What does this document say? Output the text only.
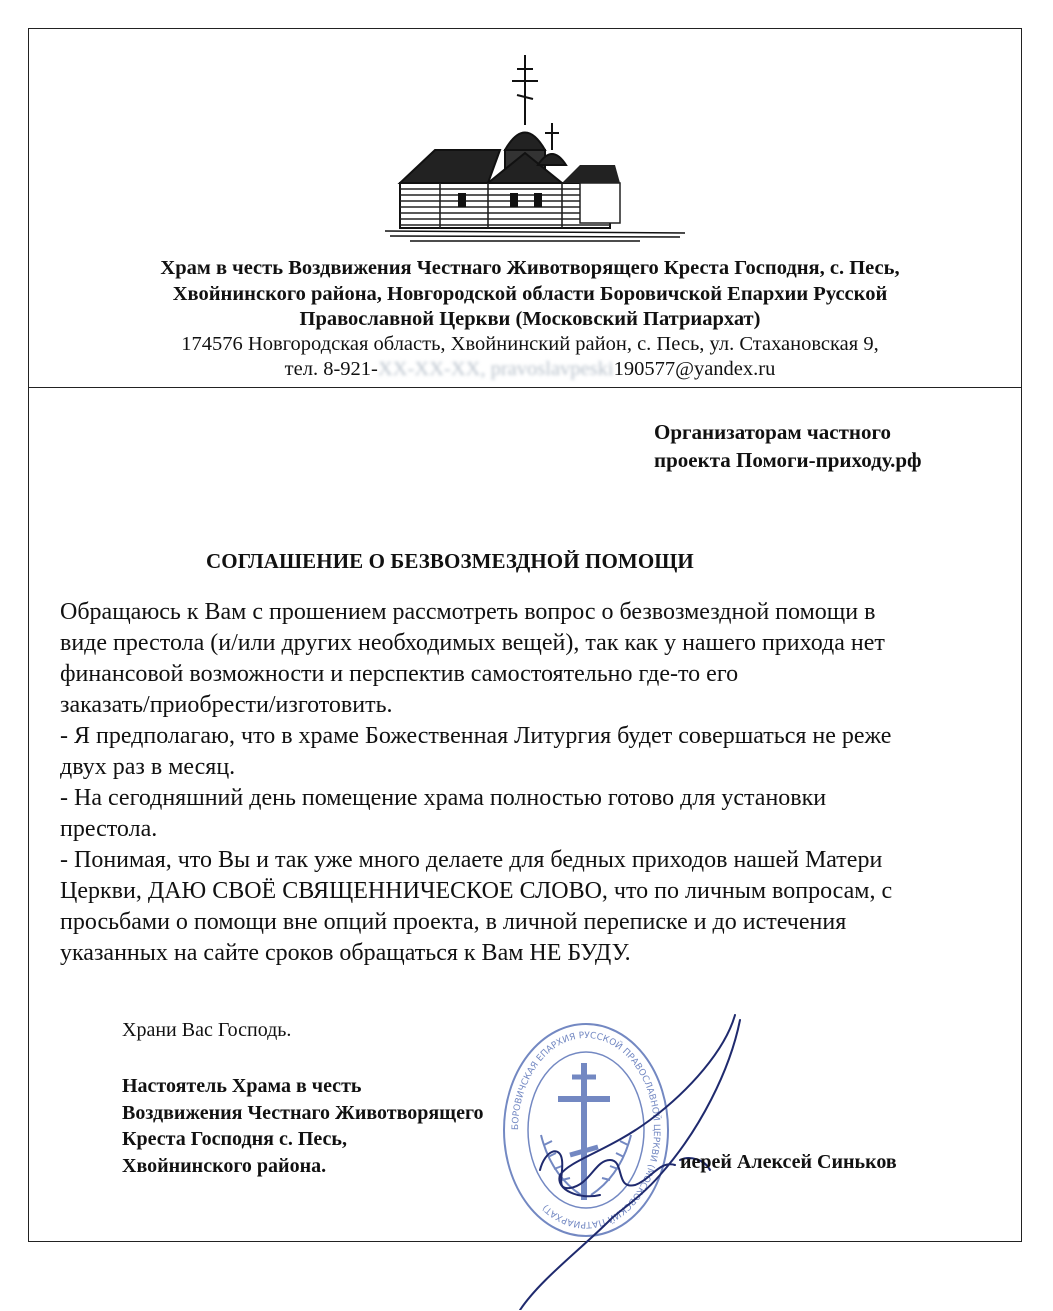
Храм в честь Воздвижения Честнаго Животворящего Креста Господня, с. Песь,
Хвойнинского района, Новгородской области Боровичской Епархии Русской
Православной Церкви (Московский Патриархат)
174576 Новгородская область, Хвойнинский район, с. Песь, ул. Стахановская 9,
тел. 8-921-XX-XX-XX, pravoslavpeski190577@yandex.ru
Организаторам частного
проекта Помоги-приходу.рф
СОГЛАШЕНИЕ О БЕЗВОЗМЕЗДНОЙ ПОМОЩИ

Обращаюсь к Вам с прошением рассмотреть вопрос о безвозмездной помощи в

виде престола (и/или других необходимых вещей), так как у нашего прихода нет

финансовой возможности и перспектив самостоятельно где-то его

заказать/приобрести/изготовить.

- Я предполагаю, что в храме Божественная Литургия будет совершаться не реже

двух раз в месяц.

- На сегодняшний день помещение храма полностью готово для установки

престола.

- Понимая, что Вы и так уже много делаете для бедных приходов нашей Матери

Церкви, ДАЮ СВОЁ СВЯЩЕННИЧЕСКОЕ СЛОВО, что по личным вопросам, с

просьбами о помощи вне опций проекта, в личной переписке и до истечения

указанных на сайте сроков обращаться к Вам НЕ БУДУ.

Храни Вас Господь.
Настоятель Храма в честь
Воздвижения Честнаго Животворящего
Креста Господня с. Песь,
Хвойнинского района.
БОРОВИЧСКАЯ ЕПАРХИЯ РУССКОЙ ПРАВОСЛАВНОЙ ЦЕРКВИ (МОСКОВСКИЙ ПАТРИАРХАТ)
иерей Алексей Синьков
